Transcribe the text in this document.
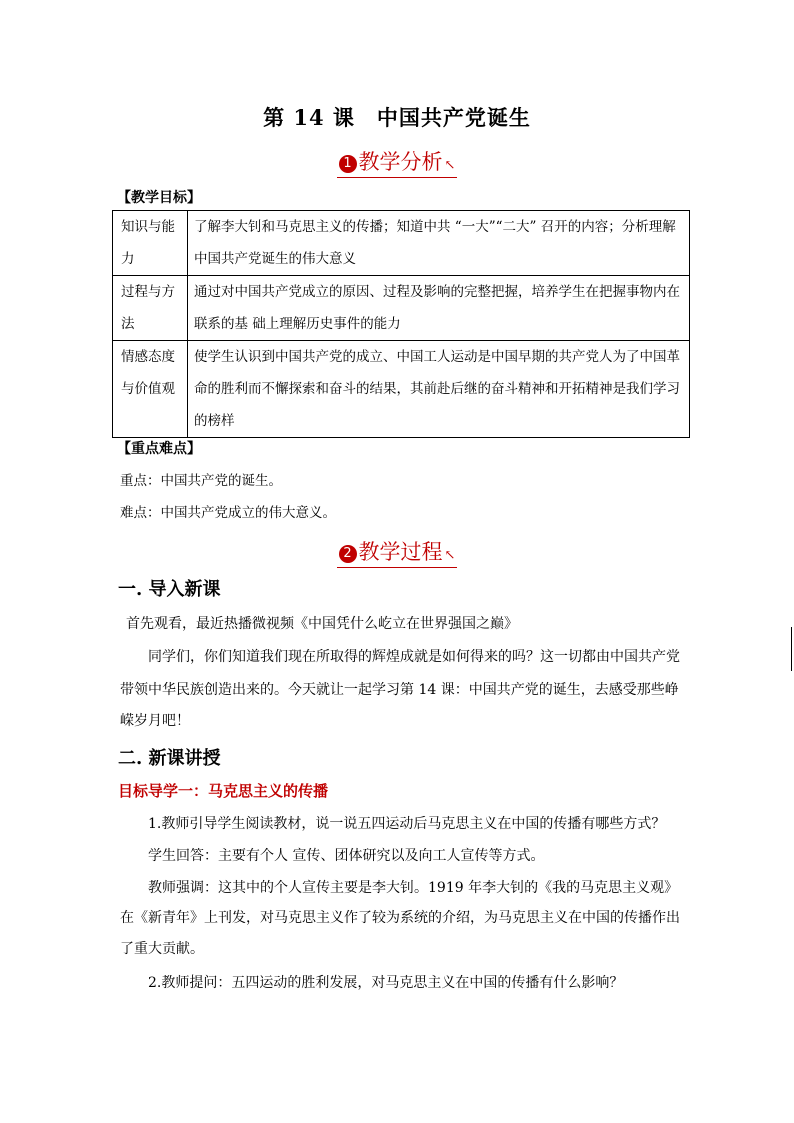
第 14 课　中国共产党诞生
1 教学分析 ↖
【教学目标】
知识与能力	了解李大钊和马克思主义的传播；知道中共 “一大”“二大” 召开的内容；分析理解中国共产党诞生的伟大意义
过程与方法	通过对中国共产党成立的原因、过程及影响的完整把握，培养学生在把握事物内在联系的基 础上理解历史事件的能力
情感态度与价值观	使学生认识到中国共产党的成立、中国工人运动是中国早期的共产党人为了中国革命的胜利而不懈探索和奋斗的结果，其前赴后继的奋斗精神和开拓精神是我们学习的榜样
【重点难点】
重点：中国共产党的诞生。
难点：中国共产党成立的伟大意义。
2 教学过程 ↖
一. 导入新课
首先观看，最近热播微视频《中国凭什么屹立在世界强国之巅》
同学们，你们知道我们现在所取得的辉煌成就是如何得来的吗？这一切都由中国共产党
带领中华民族创造出来的。今天就让一起学习第 14 课：中国共产党的诞生，去感受那些峥
嵘岁月吧！
二. 新课讲授
目标导学一：马克思主义的传播
1.教师引导学生阅读教材，说一说五四运动后马克思主义在中国的传播有哪些方式？
学生回答：主要有个人 宣传、团体研究以及向工人宣传等方式。
教师强调：这其中的个人宣传主要是李大钊。1919 年李大钊的《我的马克思主义观》
在《新青年》上刊发，对马克思主义作了较为系统的介绍，为马克思主义在中国的传播作出
了重大贡献。
2.教师提问：五四运动的胜利发展，对马克思主义在中国的传播有什么影响？
